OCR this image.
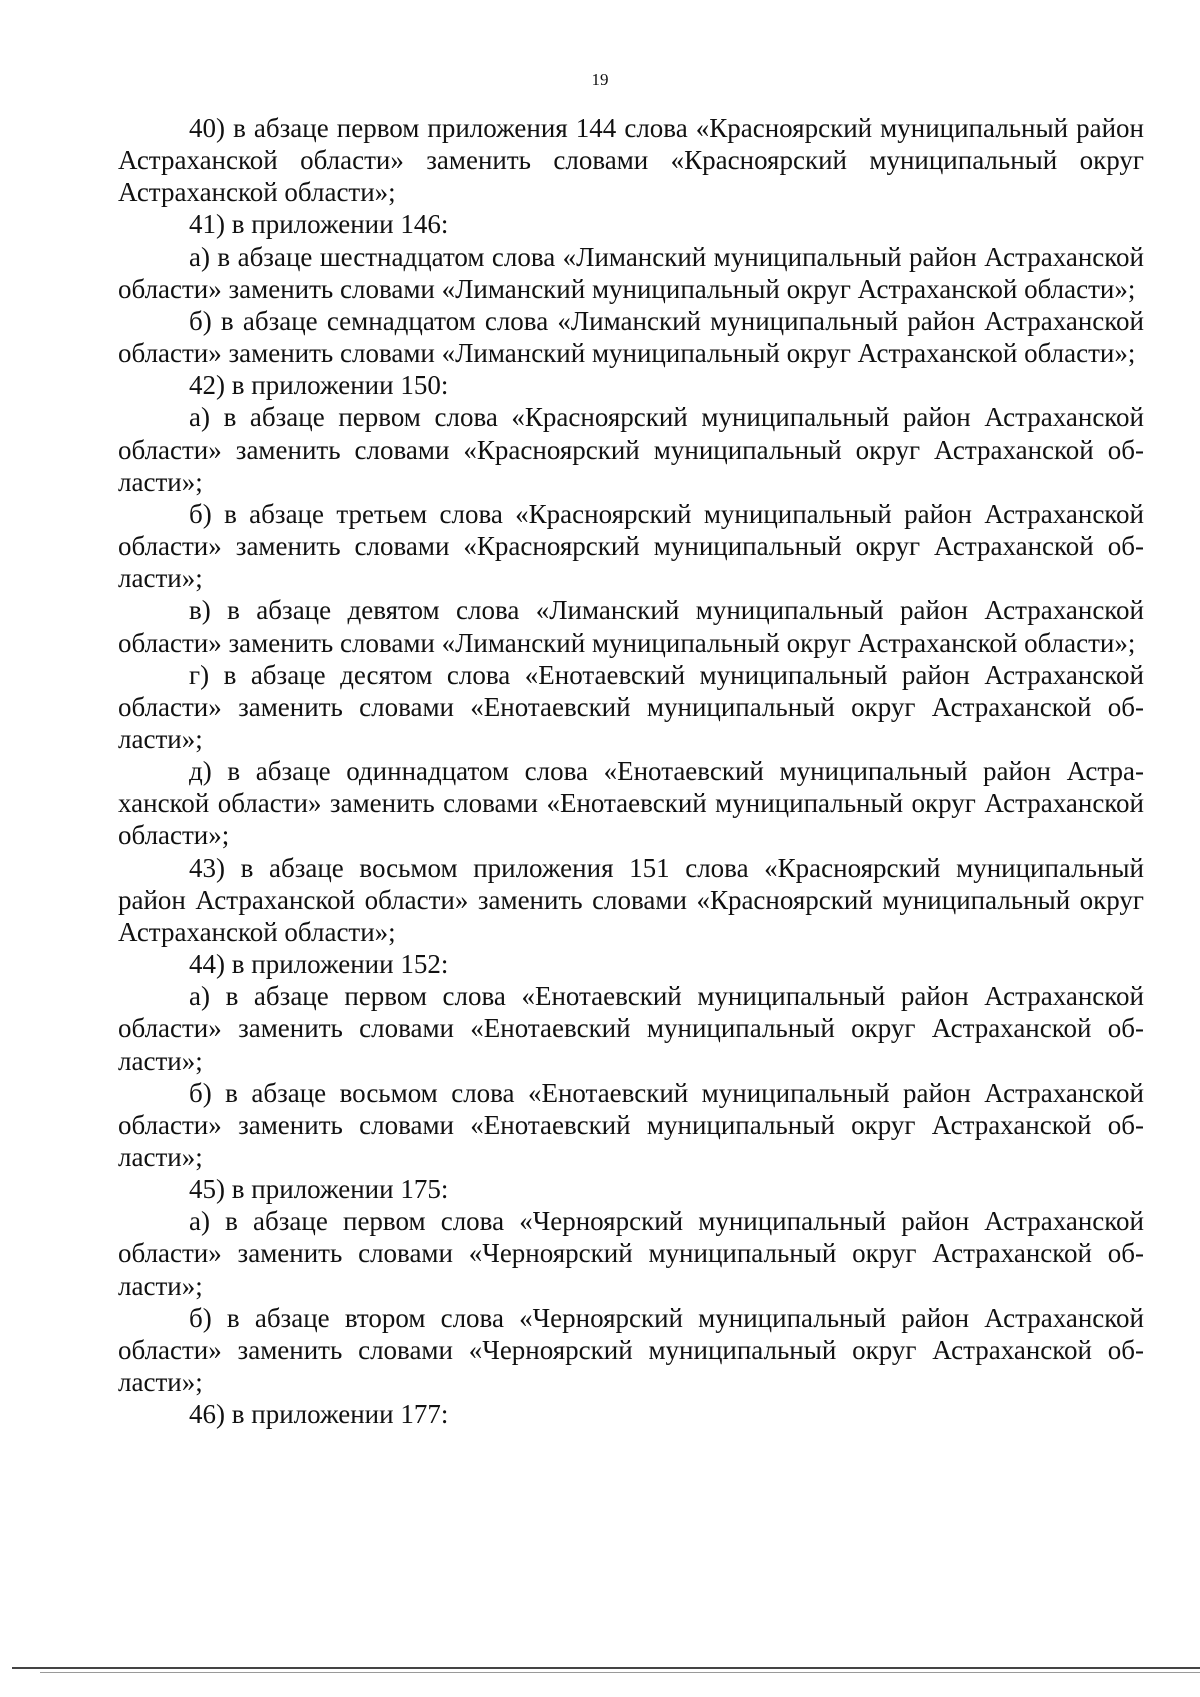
19

40) в абзаце первом приложения 144 слова «Красноярский муниципальный район Астраханской области» заменить словами «Красноярский муниципальный округ Астраханской области»;

41) в приложении 146:

а) в абзаце шестнадцатом слова «Лиманский муниципальный район Астраханской области» заменить словами «Лиманский муниципальный округ Астраханской области»;

б) в абзаце семнадцатом слова «Лиманский муниципальный район Астраханской области» заменить словами «Лиманский муниципальный округ Астраханской области»;

42) в приложении 150:

а) в абзаце первом слова «Красноярский муниципальный район Астраханской области» заменить словами «Красноярский муниципальный округ Астраханской области»;

б) в абзаце третьем слова «Красноярский муниципальный район Астраханской области» заменить словами «Красноярский муниципальный округ Астраханской области»;

в) в абзаце девятом слова «Лиманский муниципальный район Астраханской области» заменить словами «Лиманский муниципальный округ Астраханской области»;

г) в абзаце десятом слова «Енотаевский муниципальный район Астраханской области» заменить словами «Енотаевский муниципальный округ Астраханской области»;

д) в абзаце одиннадцатом слова «Енотаевский муниципальный район Астраханской области» заменить словами «Енотаевский муниципальный округ Астраханской области»;

43) в абзаце восьмом приложения 151 слова «Красноярский муниципальный район Астраханской области» заменить словами «Красноярский муниципальный округ Астраханской области»;

44) в приложении 152:

а) в абзаце первом слова «Енотаевский муниципальный район Астраханской области» заменить словами «Енотаевский муниципальный округ Астраханской области»;

б) в абзаце восьмом слова «Енотаевский муниципальный район Астраханской области» заменить словами «Енотаевский муниципальный округ Астраханской области»;

45) в приложении 175:

а) в абзаце первом слова «Черноярский муниципальный район Астраханской области» заменить словами «Черноярский муниципальный округ Астраханской области»;

б) в абзаце втором слова «Черноярский муниципальный район Астраханской области» заменить словами «Черноярский муниципальный округ Астраханской области»;

46) в приложении 177:
